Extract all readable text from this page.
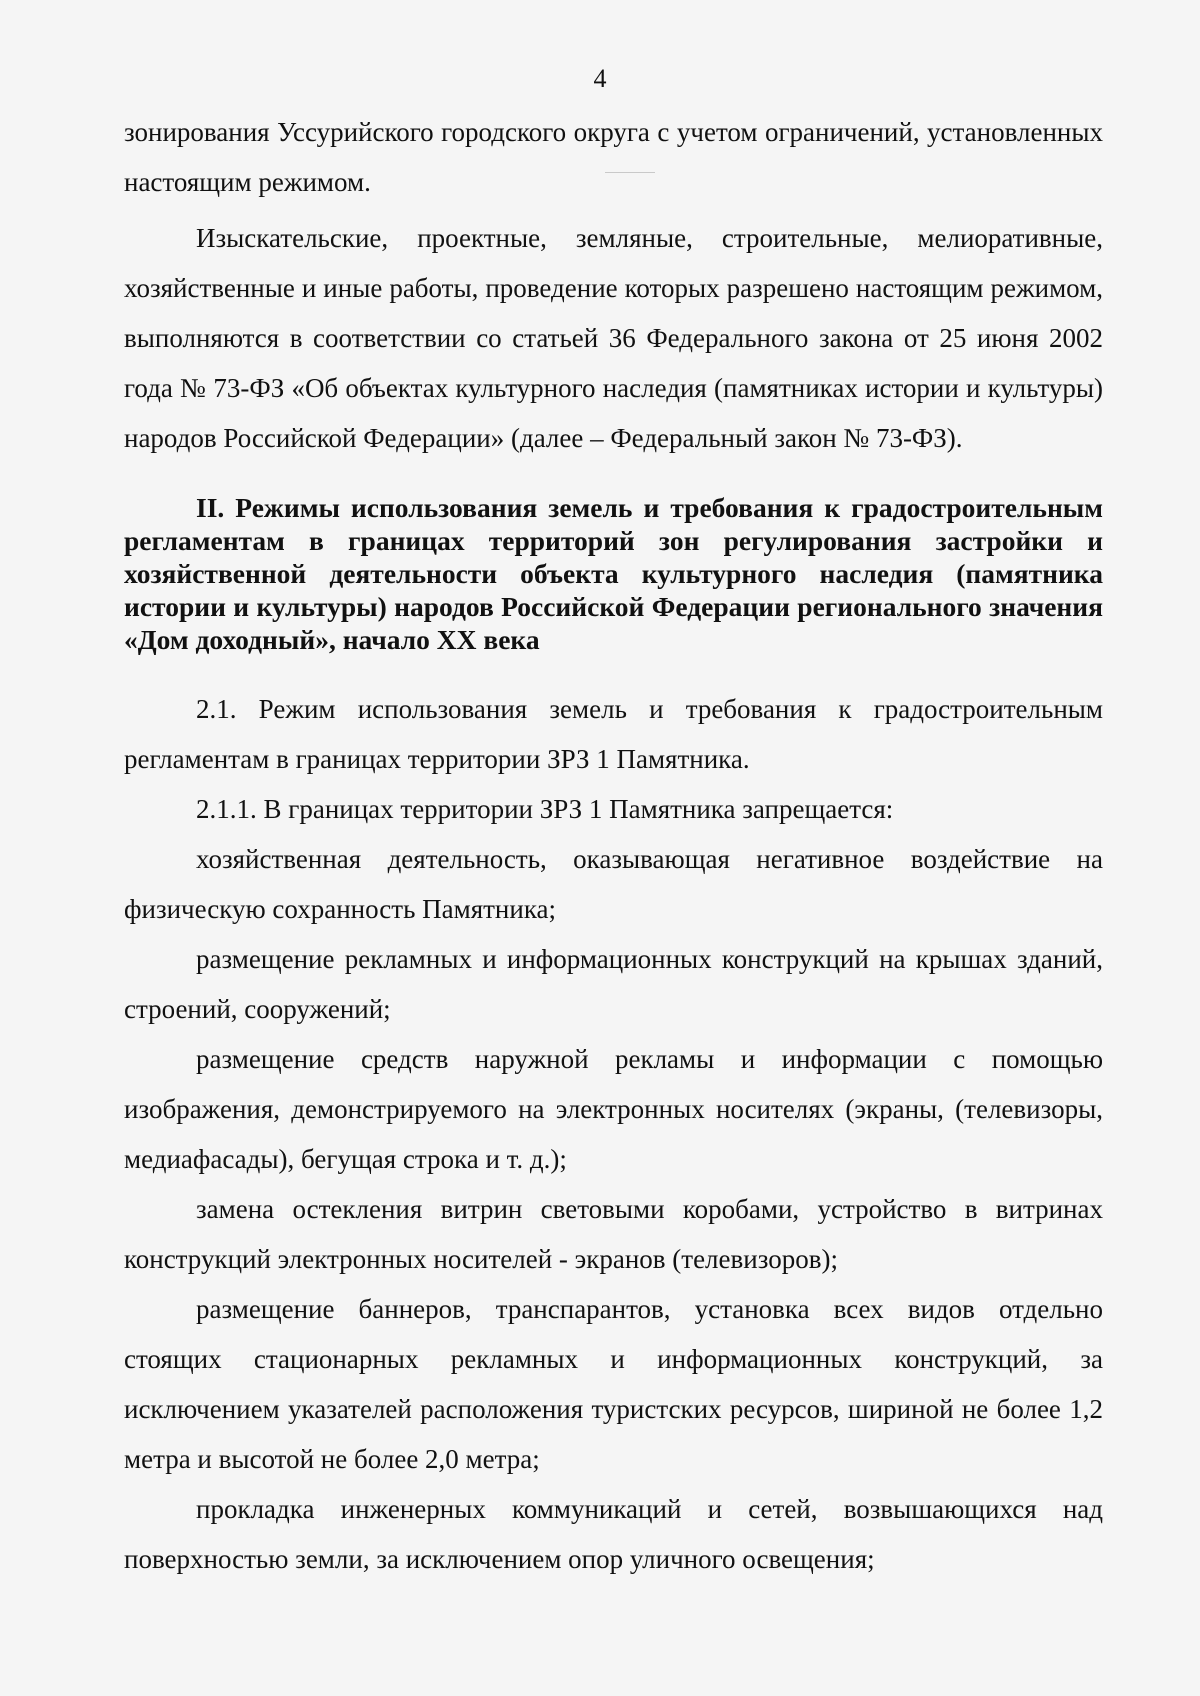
4

зонирования Уссурийского городского округа с учетом ограничений, установленных настоящим режимом.

Изыскательские, проектные, земляные, строительные, мелиоративные, хозяйственные и иные работы, проведение которых разрешено настоящим режимом, выполняются в соответствии со статьей 36 Федерального закона от 25 июня 2002 года № 73-ФЗ «Об объектах культурного наследия (памятниках истории и культуры) народов Российской Федерации» (далее – Федеральный закон № 73-ФЗ).

II. Режимы использования земель и требования к градостроительным регламентам в границах территорий зон регулирования застройки и хозяйственной деятельности объекта культурного наследия (памятника истории и культуры) народов Российской Федерации регионального значения «Дом доходный», начало XX века

2.1. Режим использования земель и требования к градостроительным регламентам в границах территории ЗРЗ 1 Памятника.

2.1.1. В границах территории ЗРЗ 1 Памятника запрещается:

хозяйственная деятельность, оказывающая негативное воздействие на физическую сохранность Памятника;

размещение рекламных и информационных конструкций на крышах зданий, строений, сооружений;

размещение средств наружной рекламы и информации с помощью изображения, демонстрируемого на электронных носителях (экраны, (телевизоры, медиафасады), бегущая строка и т. д.);

замена остекления витрин световыми коробами, устройство в витринах конструкций электронных носителей - экранов (телевизоров);

размещение баннеров, транспарантов, установка всех видов отдельно стоящих стационарных рекламных и информационных конструкций, за исключением указателей расположения туристских ресурсов, шириной не более 1,2 метра и высотой не более 2,0 метра;

прокладка инженерных коммуникаций и сетей, возвышающихся над поверхностью земли, за исключением опор уличного освещения;
